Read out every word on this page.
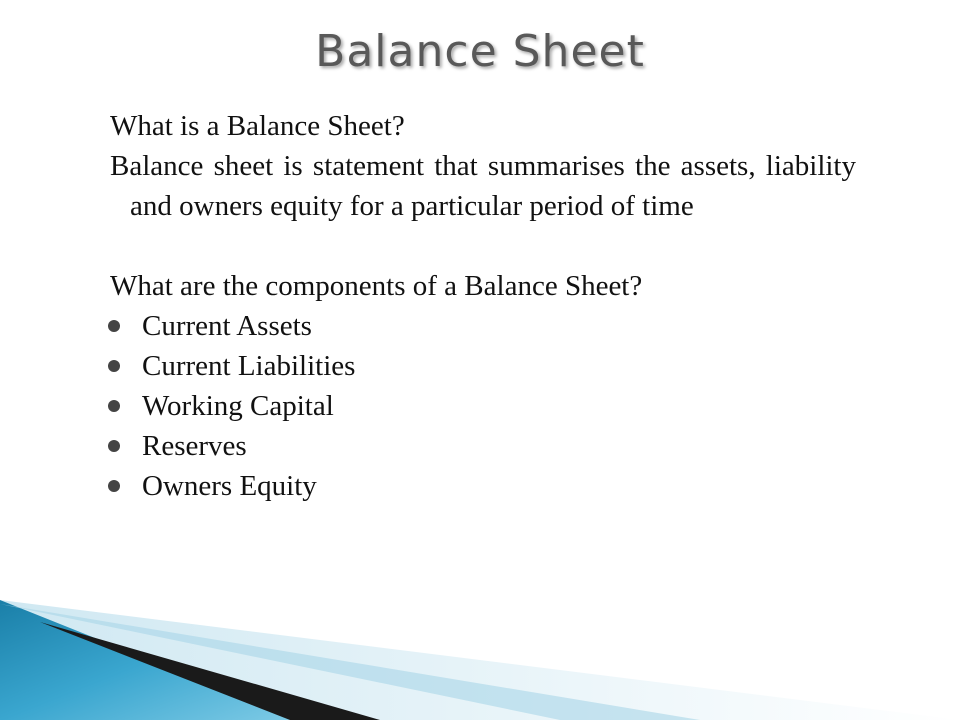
Balance Sheet

What is a Balance Sheet?

Balance sheet is statement that summarises the assets, liability and owners equity for a particular period of time

What are the components of a Balance Sheet?

Current Assets
Current Liabilities
Working Capital
Reserves
Owners Equity
